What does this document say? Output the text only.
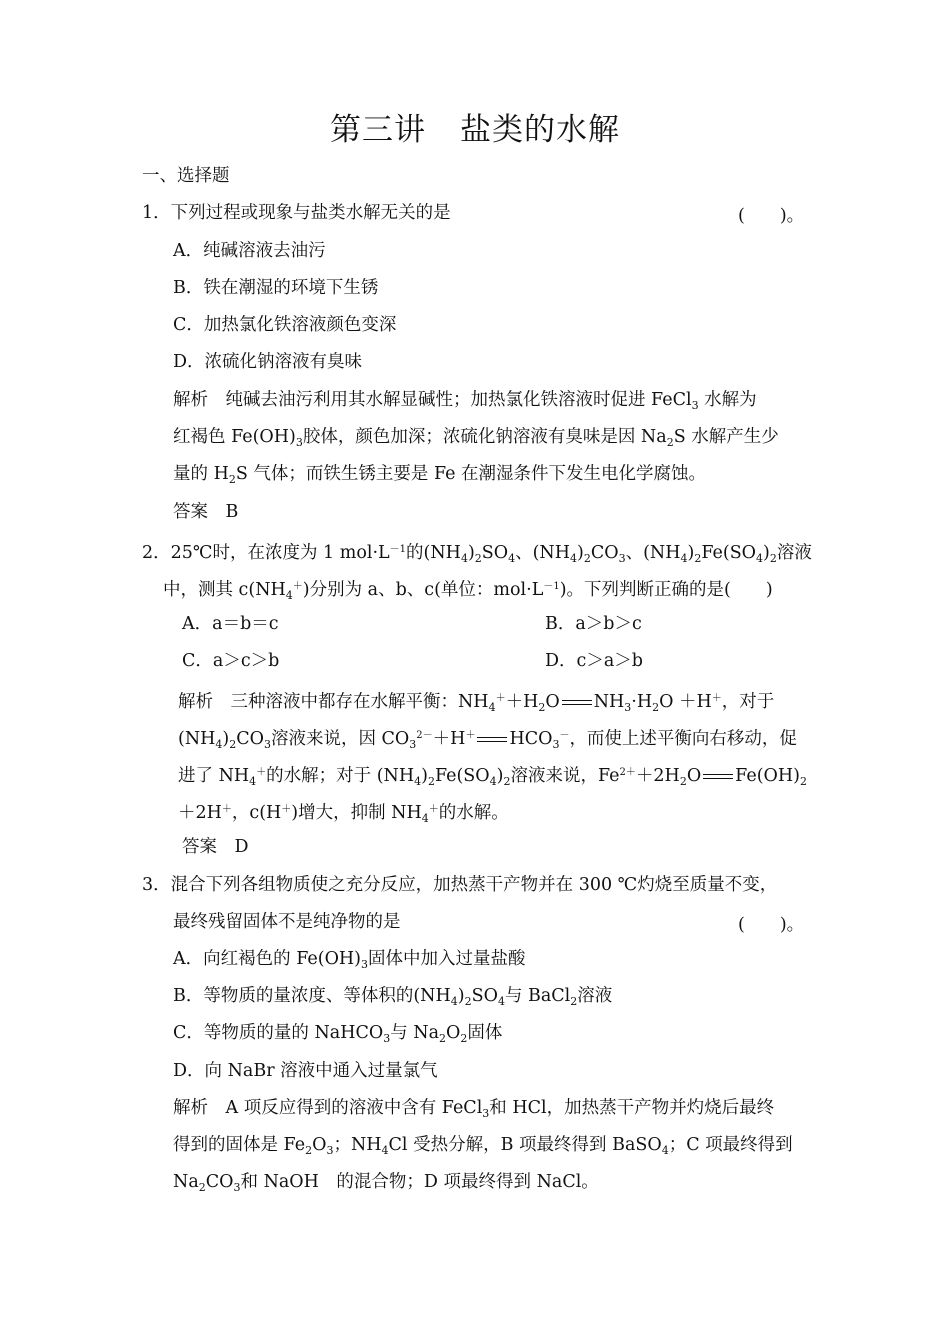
第三讲 盐类的水解
一、选择题
1．下列过程或现象与盐类水解无关的是	(　　)。
A．纯碱溶液去油污
B．铁在潮湿的环境下生锈
C．加热氯化铁溶液颜色变深
D．浓硫化钠溶液有臭味
解析　 纯碱去油污利用其水解显碱性；加热氯化铁溶液时促进 FeCl$_3$ 水解为
红褐色 $Fe(OH)_3$胶体，颜色加深；浓硫化钠溶液有臭味是因 $Na_2S$ 水解产生少
量的 $H_2S$ 气体；而铁生锈主要是 Fe 在潮湿条件下发生电化学腐蚀。
答案　B
2．25℃时，在浓度为 1 $mol\cdot L^{-1}$的$(NH_4)_2SO_4$、$(NH_4)_2CO_3$、$(NH_4)_2Fe(SO_4)_2$溶液
中，测其 $c(NH_4^+)$分别为 a、b、c(单位：$mol\cdot L^{-1}$)。下列判断正确的是(　　)
A．a＝b＝c	B．a＞b＞c
C．a＞c＞b	D．c＞a＞b
解析　 三种溶液中都存在水解平衡：$NH_4^++H_2O$ $NH_3\cdot H_2O +H^+$，对于
$(NH_4)_2CO_3$溶液来说，因 $CO_3^{2-}+H^+$ $HCO_3^-$，而使上述平衡向右移动，促
进了 $NH_4^+$的水解；对于 $(NH_4)_2Fe(SO_4)_2$溶液来说，$Fe^{2+}+2H_2O$ $Fe(OH)_2$
＋2H＋，c(H＋)增大，抑制 $NH_4^+$的水解。
答案　D
3．混合下列各组物质使之充分反应，加热蒸干产物并在 300 ℃灼烧至质量不变，
最终残留固体不是纯净物的是	(　　)。
A．向红褐色的 $Fe(OH)_3$固体中加入过量盐酸
B．等物质的量浓度、等体积的$(NH_4)_2SO_4$与 BaCl$_2$溶液
C．等物质的量的 NaHCO$_3$与 $Na_2O_2$固体
D．向 NaBr 溶液中通入过量氯气
解析　 A 项反应得到的溶液中含有 FeCl$_3$和 HCl，加热蒸干产物并灼烧后最终
得到的固体是 $Fe_2O_3$；$NH_4Cl$ 受热分解，B 项最终得到 BaSO$_4$；C 项最终得到
$Na_2CO_3$和 NaOH　的混合物；D 项最终得到 NaCl。
